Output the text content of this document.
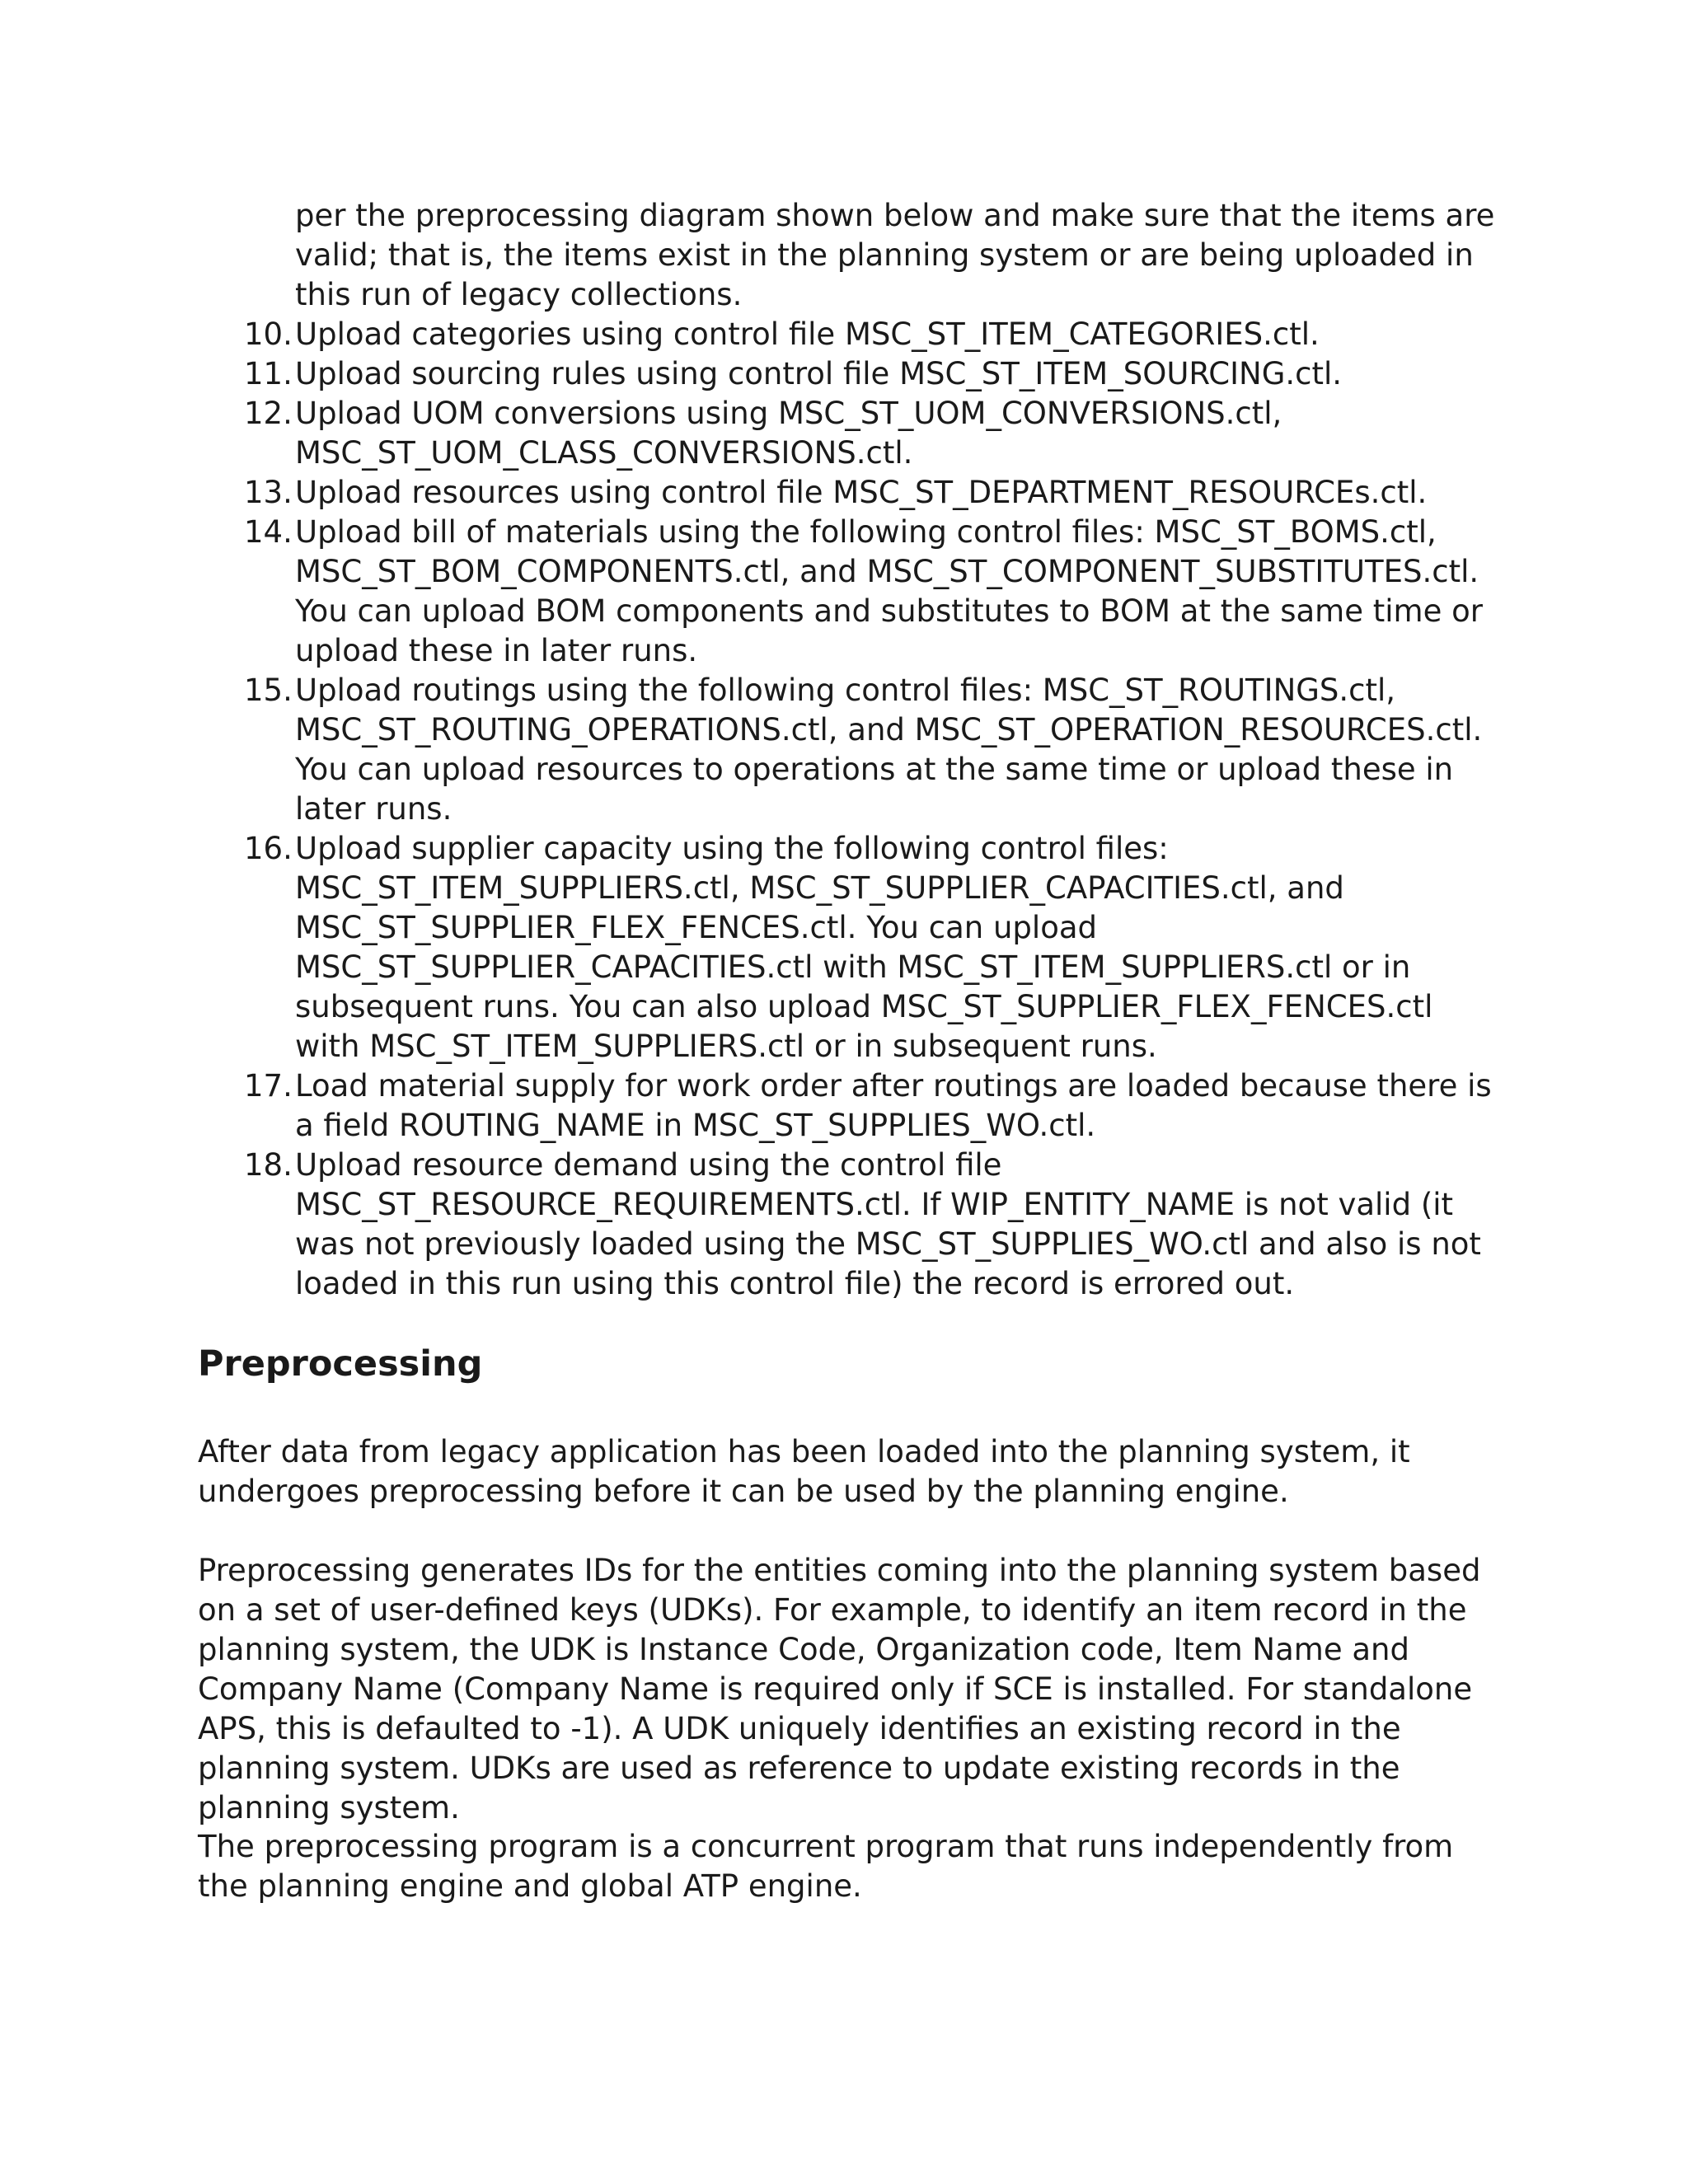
per the preprocessing diagram shown below and make sure that the items are valid; that is, the items exist in the planning system or are being uploaded in this run of legacy collections.

10. Upload categories using control file MSC_ST_ITEM_CATEGORIES.ctl.
11. Upload sourcing rules using control file MSC_ST_ITEM_SOURCING.ctl.
12. Upload UOM conversions using MSC_ST_UOM_CONVERSIONS.ctl, MSC_ST_UOM_CLASS_CONVERSIONS.ctl.
13. Upload resources using control file MSC_ST_DEPARTMENT_RESOURCEs.ctl.
14. Upload bill of materials using the following control files: MSC_ST_BOMS.ctl, MSC_ST_BOM_COMPONENTS.ctl, and MSC_ST_COMPONENT_SUBSTITUTES.ctl. You can upload BOM components and substitutes to BOM at the same time or upload these in later runs.
15. Upload routings using the following control files: MSC_ST_ROUTINGS.ctl, MSC_ST_ROUTING_OPERATIONS.ctl, and MSC_ST_OPERATION_RESOURCES.ctl. You can upload resources to operations at the same time or upload these in later runs.
16. Upload supplier capacity using the following control files: MSC_ST_ITEM_SUPPLIERS.ctl, MSC_ST_SUPPLIER_CAPACITIES.ctl, and MSC_ST_SUPPLIER_FLEX_FENCES.ctl. You can upload MSC_ST_SUPPLIER_CAPACITIES.ctl with MSC_ST_ITEM_SUPPLIERS.ctl or in subsequent runs. You can also upload MSC_ST_SUPPLIER_FLEX_FENCES.ctl with MSC_ST_ITEM_SUPPLIERS.ctl or in subsequent runs.
17. Load material supply for work order after routings are loaded because there is a field ROUTING_NAME in MSC_ST_SUPPLIES_WO.ctl.
18. Upload resource demand using the control file MSC_ST_RESOURCE_REQUIREMENTS.ctl. If WIP_ENTITY_NAME is not valid (it was not previously loaded using the MSC_ST_SUPPLIES_WO.ctl and also is not loaded in this run using this control file) the record is errored out.
Preprocessing

After data from legacy application has been loaded into the planning system, it undergoes preprocessing before it can be used by the planning engine.

Preprocessing generates IDs for the entities coming into the planning system based on a set of user-defined keys (UDKs). For example, to identify an item record in the planning system, the UDK is Instance Code, Organization code, Item Name and Company Name (Company Name is required only if SCE is installed. For standalone APS, this is defaulted to -1). A UDK uniquely identifies an existing record in the planning system. UDKs are used as reference to update existing records in the planning system.

The preprocessing program is a concurrent program that runs independently from the planning engine and global ATP engine.
